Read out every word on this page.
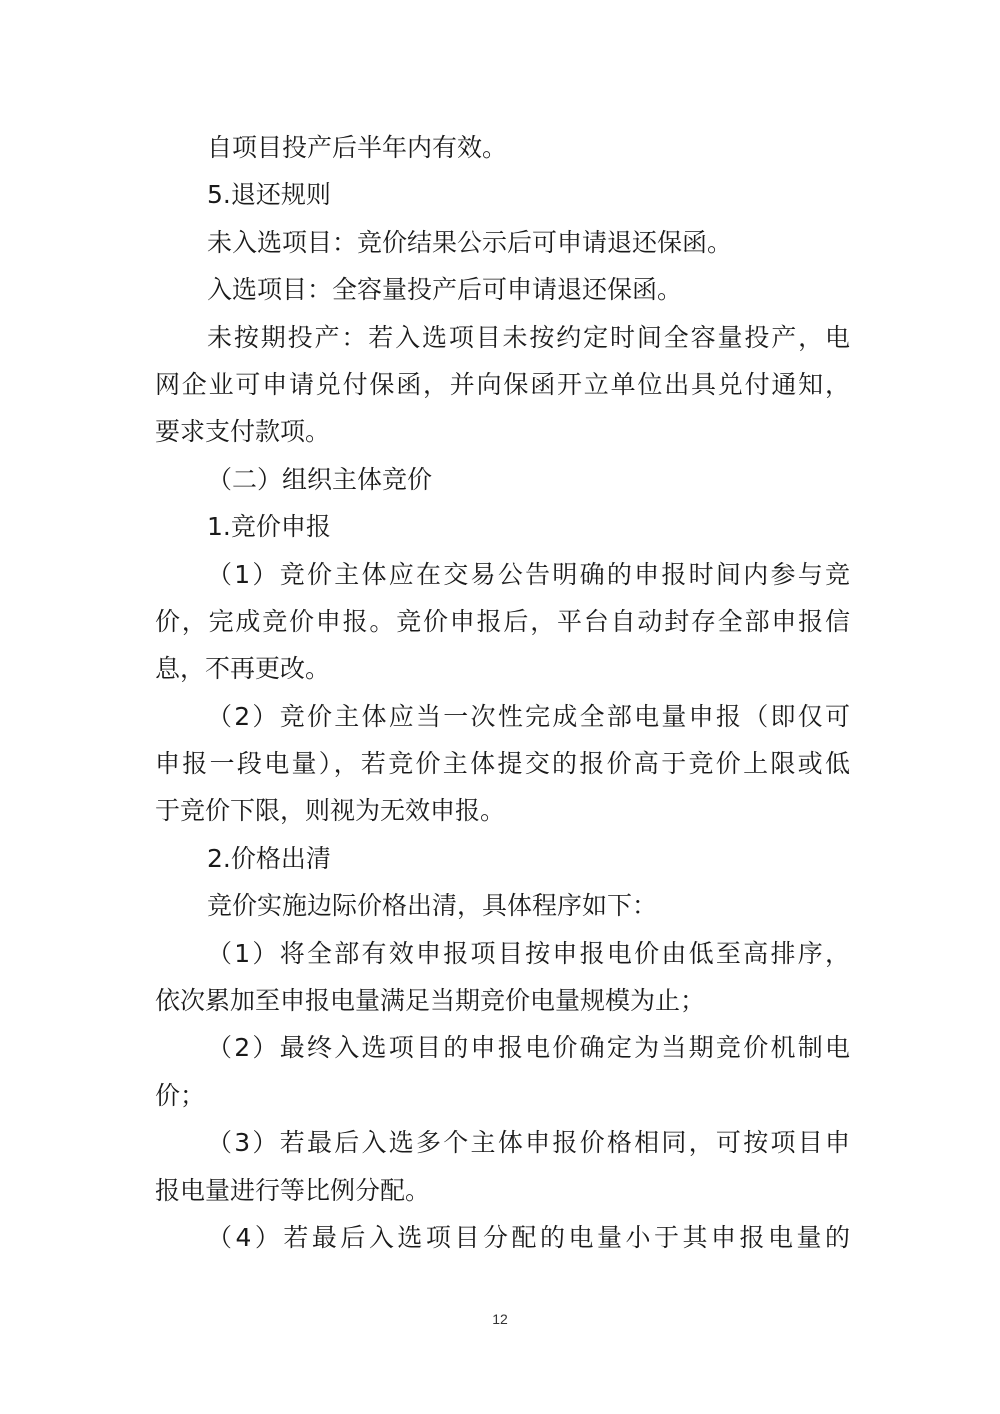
自项目投产后半年内有效。
5.退还规则
未入选项目：竞价结果公示后可申请退还保函。
入选项目：全容量投产后可申请退还保函。
未按期投产：若入选项目未按约定时间全容量投产，电
网企业可申请兑付保函，并向保函开立单位出具兑付通知，
要求支付款项。
（二）组织主体竞价
1.竞价申报
（1）竞价主体应在交易公告明确的申报时间内参与竞
价，完成竞价申报。竞价申报后，平台自动封存全部申报信
息，不再更改。
（2）竞价主体应当一次性完成全部电量申报（即仅可
申报一段电量），若竞价主体提交的报价高于竞价上限或低
于竞价下限，则视为无效申报。
2.价格出清
竞价实施边际价格出清，具体程序如下：
（1）将全部有效申报项目按申报电价由低至高排序，
依次累加至申报电量满足当期竞价电量规模为止；
（2）最终入选项目的申报电价确定为当期竞价机制电
价；
（3）若最后入选多个主体申报价格相同，可按项目申
报电量进行等比例分配。
（4）若最后入选项目分配的电量小于其申报电量的
12
